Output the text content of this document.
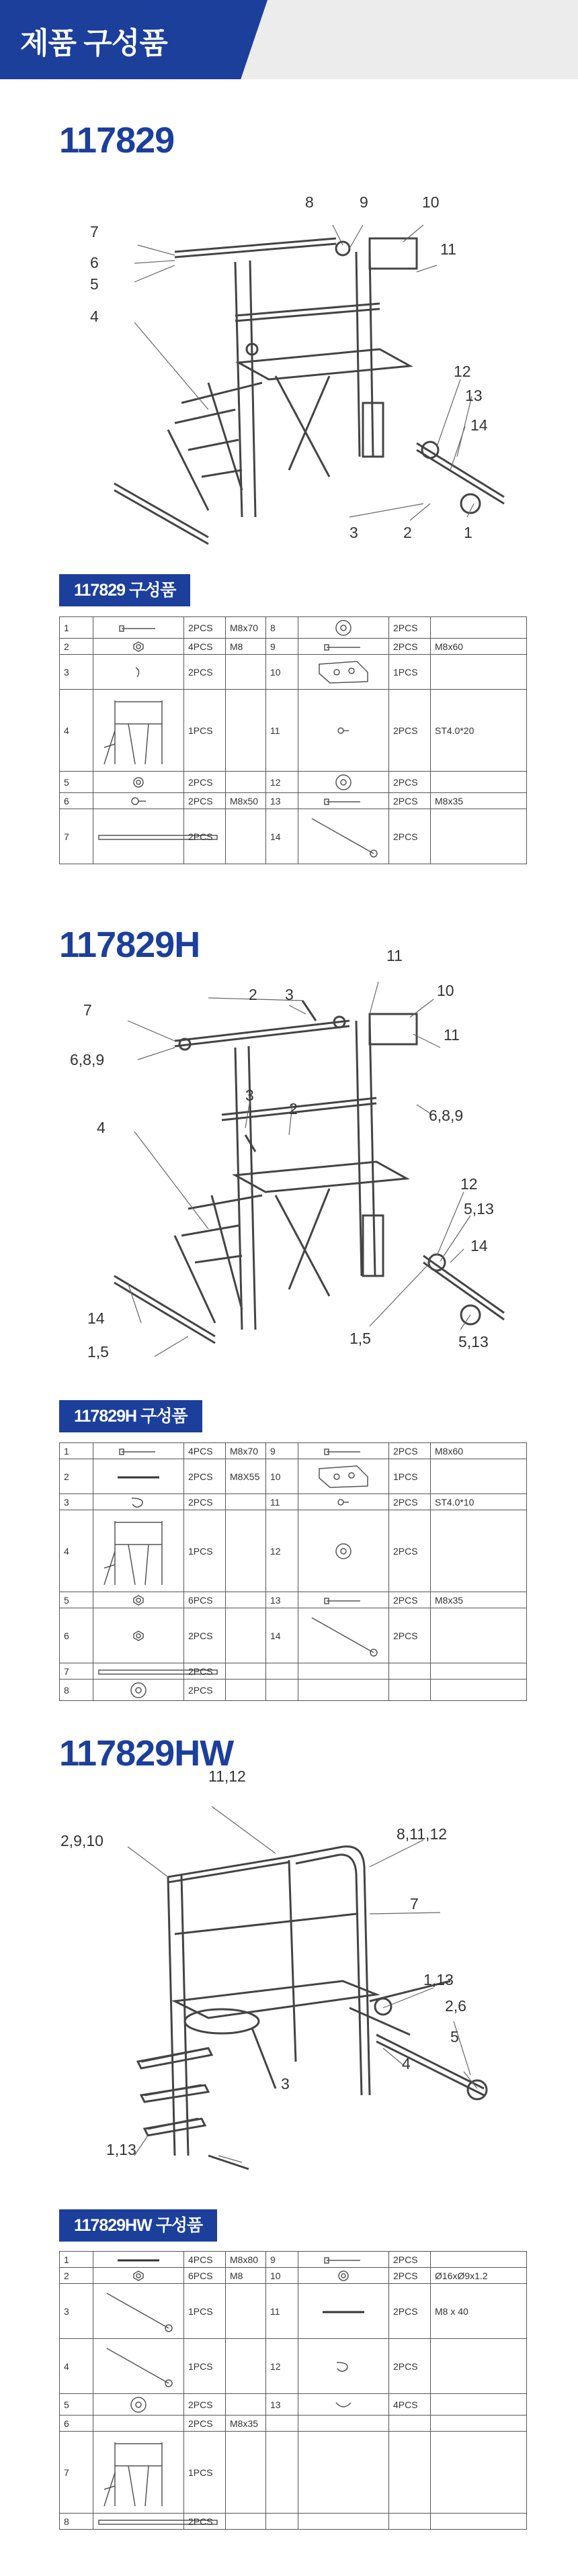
제품 구성품
117829
7
6
5
4
8	9	10
11
12
13
14
3	2	1
117829 구성품
1		2PCS	M8x70	8		2PCS	
2		4PCS	M8	9		2PCS	M8x60
3		2PCS		10		1PCS	
4		1PCS		11		2PCS	ST4.0*20
5		2PCS		12		2PCS	
6		2PCS	M8x50	13		2PCS	M8x35
7		2PCS		14		2PCS	
117829H
7
6,8,9
4
2 3
3
2
11
10
11
6,8,9
12
5,13
14
1,5	5,13
14
1,5
117829H 구성품
1		4PCS	M8x70	9		2PCS	M8x60
2		2PCS	M8X55	10		1PCS	
3		2PCS		11		2PCS	ST4.0*10
4		1PCS		12		2PCS	
5		6PCS		13		2PCS	M8x35
6		2PCS		14		2PCS	
7		2PCS					
8		2PCS					
117829HW
11,12
8,11,12
2,9,10
7
1,13
2,6
5
4
3
1,13
117829HW 구성품
1		4PCS	M8x80	9		2PCS	
2		6PCS	M8	10		2PCS	Ø16xØ9x1.2
3		1PCS		11		2PCS	M8 x 40
4		1PCS		12		2PCS	
5		2PCS		13		4PCS	
6		2PCS	M8x35				
7		1PCS					
8		2PCS					
